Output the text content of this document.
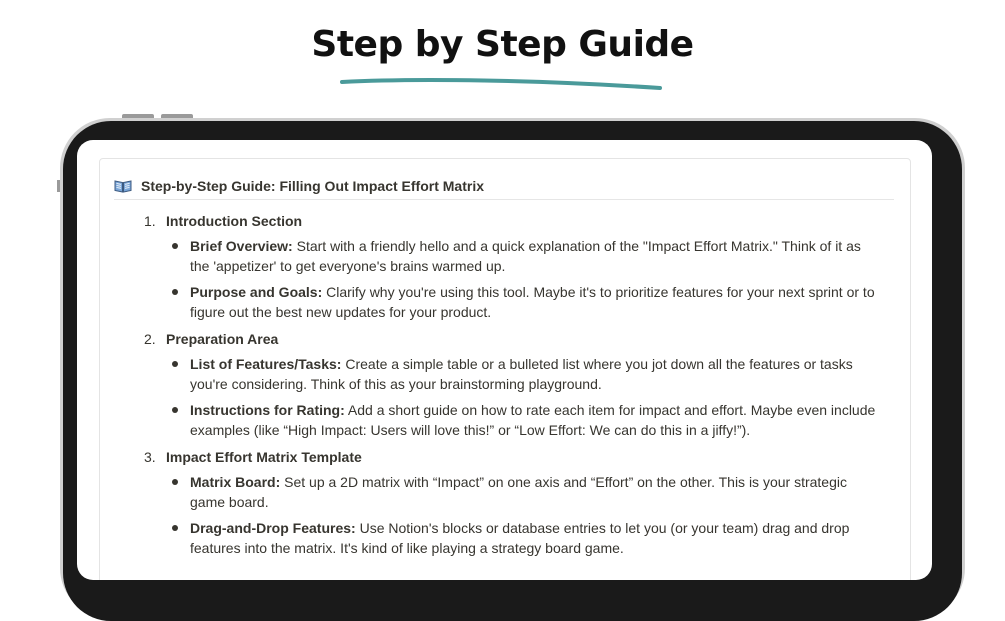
Step by Step Guide
Step-by-Step Guide: Filling Out Impact Effort Matrix
1. Introduction Section
Brief Overview: Start with a friendly hello and a quick explanation of the "Impact Effort Matrix." Think of it as the 'appetizer' to get everyone's brains warmed up.
Purpose and Goals: Clarify why you're using this tool. Maybe it's to prioritize features for your next sprint or to figure out the best new updates for your product.
2. Preparation Area
List of Features/Tasks: Create a simple table or a bulleted list where you jot down all the features or tasks you're considering. Think of this as your brainstorming playground.
Instructions for Rating: Add a short guide on how to rate each item for impact and effort. Maybe even include examples (like “High Impact: Users will love this!” or “Low Effort: We can do this in a jiffy!”).
3. Impact Effort Matrix Template
Matrix Board: Set up a 2D matrix with “Impact” on one axis and “Effort” on the other. This is your strategic game board.
Drag-and-Drop Features: Use Notion's blocks or database entries to let you (or your team) drag and drop features into the matrix. It's kind of like playing a strategy board game.
